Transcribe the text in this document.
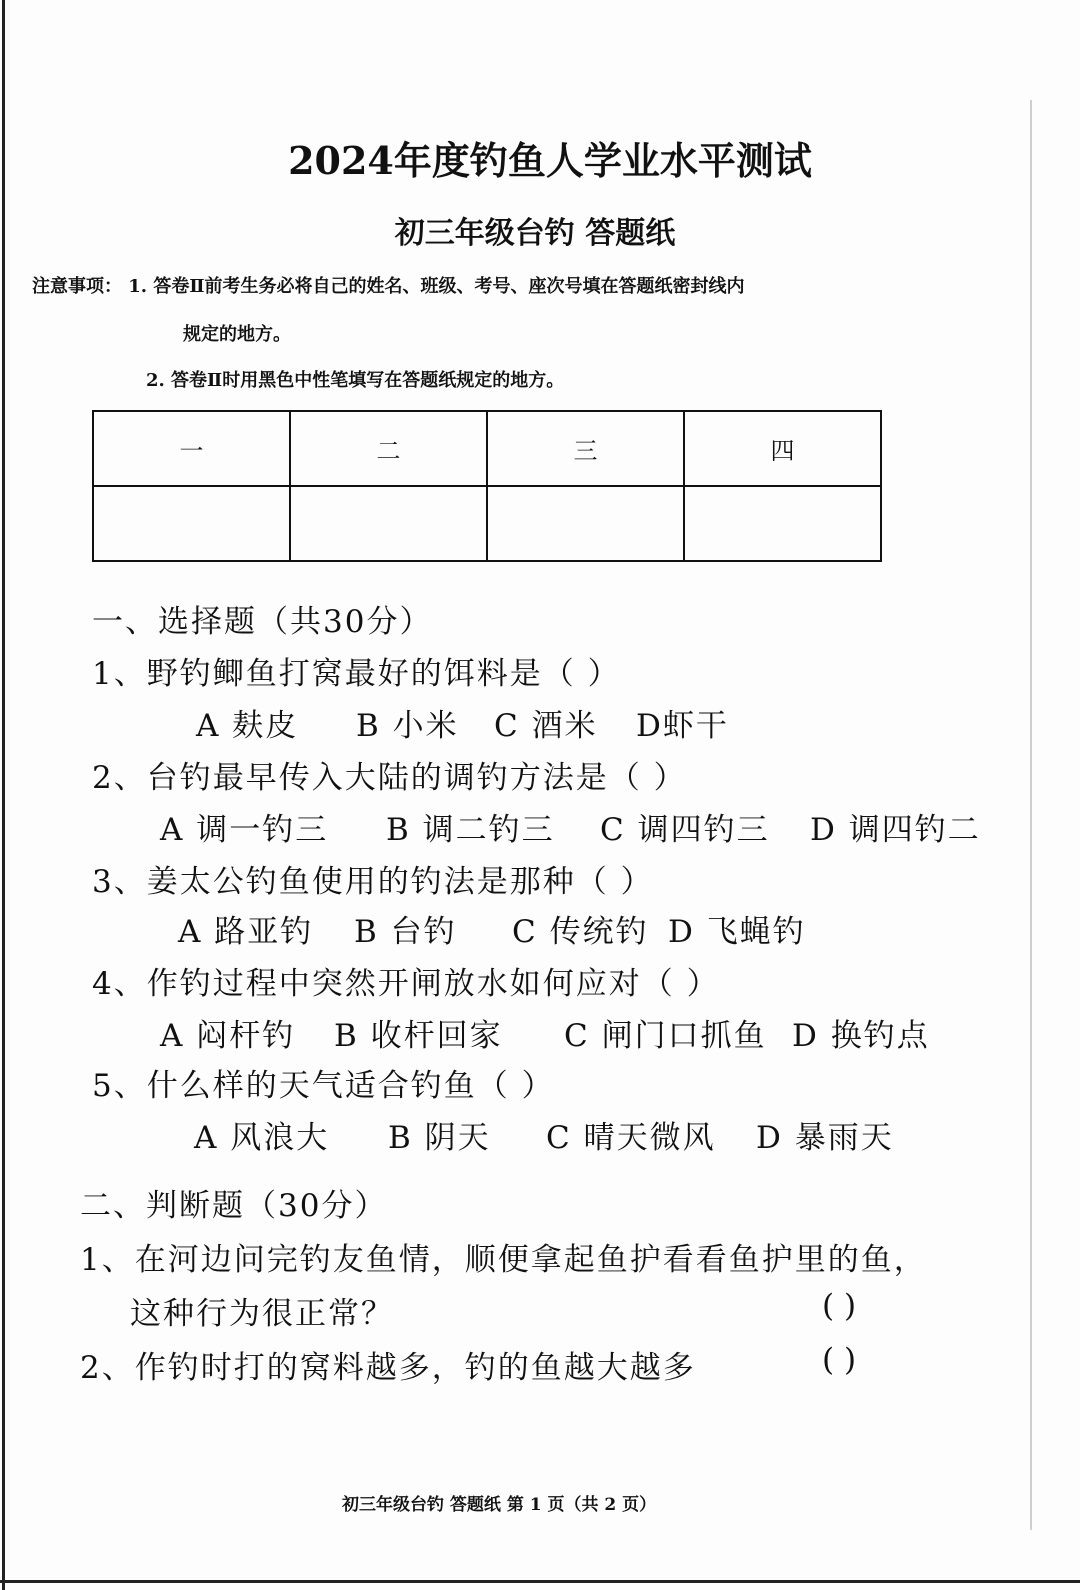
2024年度钓鱼人学业水平测试
初三年级台钓 答题纸
注意事项： 1. 答卷Ⅱ前考生务必将自己的姓名、班级、考号、座次号填在答题纸密封线内
规定的地方。
2. 答卷Ⅱ时用黑色中性笔填写在答题纸规定的地方。
一	二	三	四

一、选择题（共30分）
1、野钓鲫鱼打窝最好的饵料是（ ）
A 麸皮 B 小米 C 酒米 D虾干
2、台钓最早传入大陆的调钓方法是（ ）
A 调一钓三 B 调二钓三 C 调四钓三 D 调四钓二
3、姜太公钓鱼使用的钓法是那种（ ）
A 路亚钓 B 台钓 C 传统钓 D 飞蝇钓
4、作钓过程中突然开闸放水如何应对（ ）
A 闷杆钓 B 收杆回家 C 闸门口抓鱼 D 换钓点
5、什么样的天气适合钓鱼（ ）
A 风浪大 B 阴天 C 晴天微风 D 暴雨天
二、判断题（30分）
1、在河边问完钓友鱼情，顺便拿起鱼护看看鱼护里的鱼，
这种行为很正常？	( )
2、作钓时打的窝料越多，钓的鱼越大越多	( )
初三年级台钓 答题纸 第 1 页（共 2 页）
